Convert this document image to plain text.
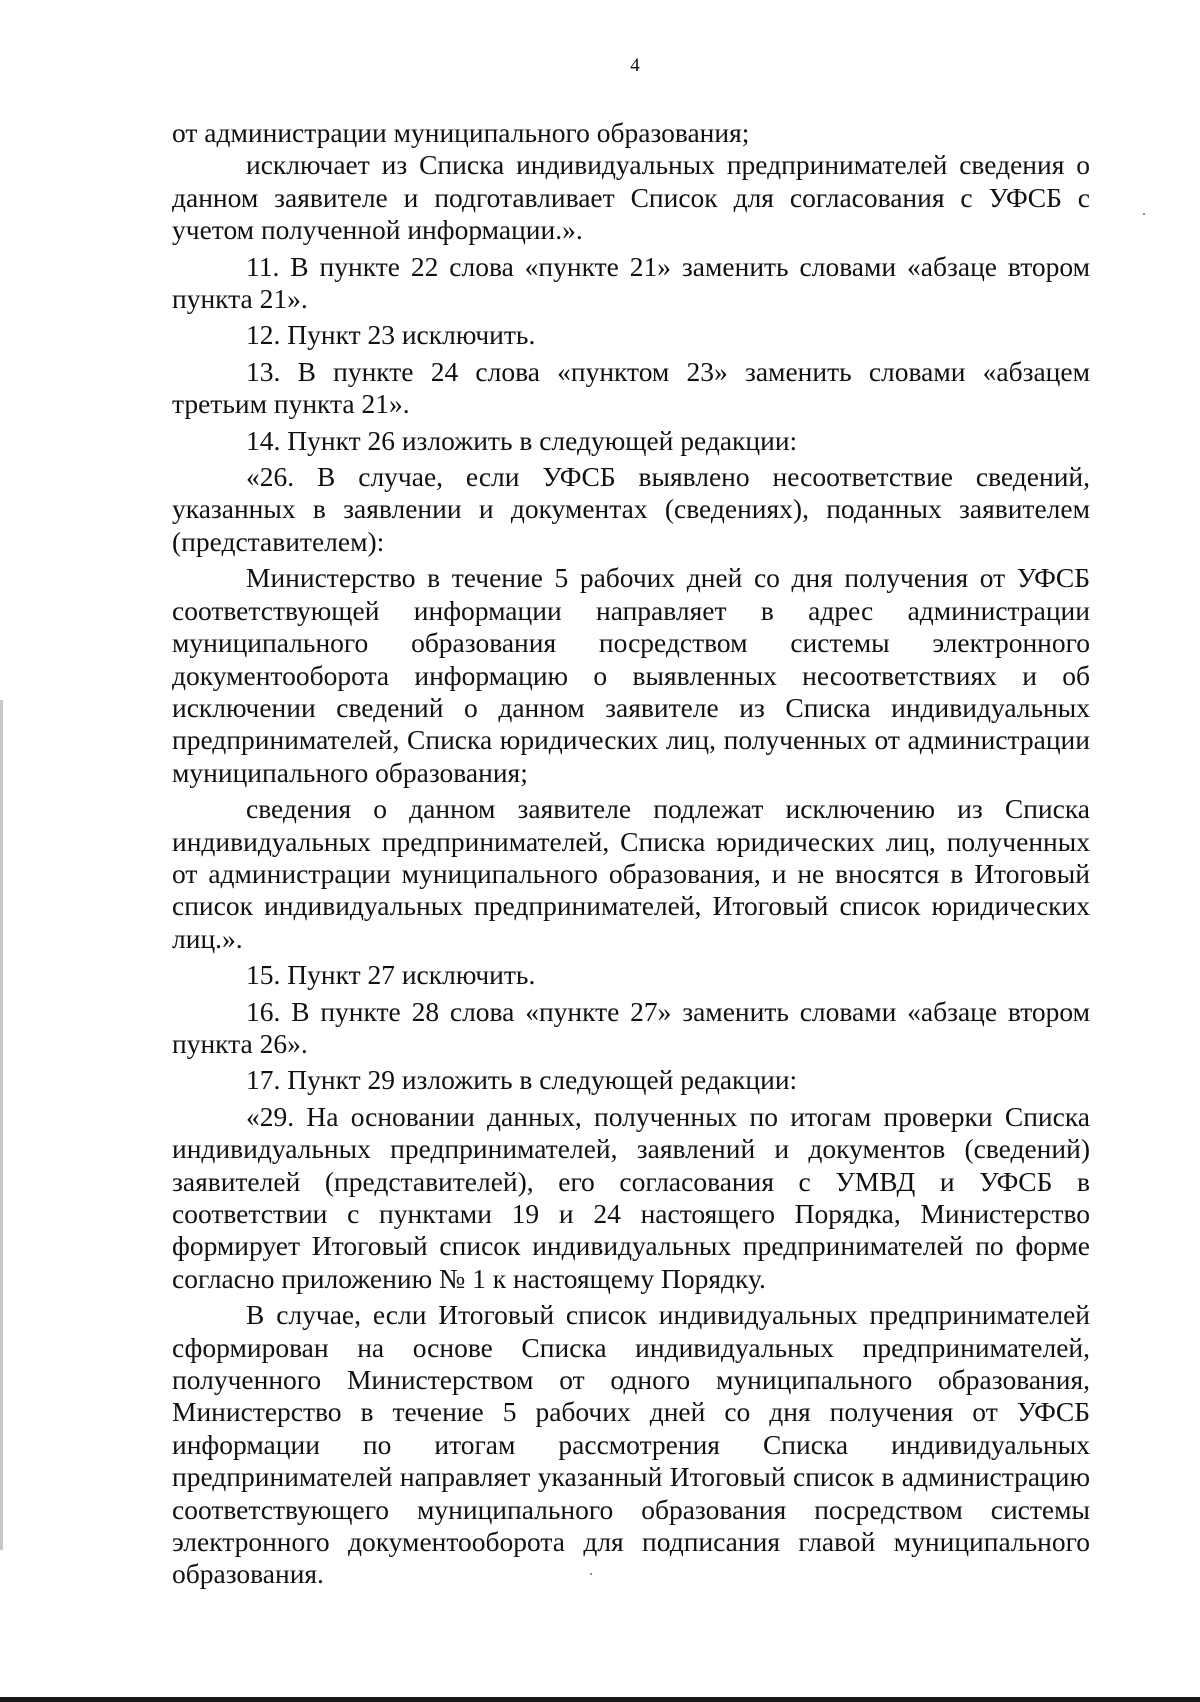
4

от администрации муниципального образования;

исключает из Списка индивидуальных предпринимателей сведения о данном заявителе и подготавливает Список для согласования с УФСБ с учетом полученной информации.».

11. В пункте 22 слова «пункте 21» заменить словами «абзаце втором пункта 21».

12. Пункт 23 исключить.

13. В пункте 24 слова «пунктом 23» заменить словами «абзацем третьим пункта 21».

14. Пункт 26 изложить в следующей редакции:

«26. В случае, если УФСБ выявлено несоответствие сведений, указанных в заявлении и документах (сведениях), поданных заявителем (представителем):

Министерство в течение 5 рабочих дней со дня получения от УФСБ соответствующей информации направляет в адрес администрации муниципального образования посредством системы электронного документооборота информацию о выявленных несоответствиях и об исключении сведений о данном заявителе из Списка индивидуальных предпринимателей, Списка юридических лиц, полученных от администрации муниципального образования;

сведения о данном заявителе подлежат исключению из Списка индивидуальных предпринимателей, Списка юридических лиц, полученных от администрации муниципального образования, и не вносятся в Итоговый список индивидуальных предпринимателей, Итоговый список юридических лиц.».

15. Пункт 27 исключить.

16. В пункте 28 слова «пункте 27» заменить словами «абзаце втором пункта 26».

17. Пункт 29 изложить в следующей редакции:

«29. На основании данных, полученных по итогам проверки Списка индивидуальных предпринимателей, заявлений и документов (сведений) заявителей (представителей), его согласования с УМВД и УФСБ в соответствии с пунктами 19 и 24 настоящего Порядка, Министерство формирует Итоговый список индивидуальных предпринимателей по форме согласно приложению № 1 к настоящему Порядку.

В случае, если Итоговый список индивидуальных предпринимателей сформирован на основе Списка индивидуальных предпринимателей, полученного Министерством от одного муниципального образования, Министерство в течение 5 рабочих дней со дня получения от УФСБ информации по итогам рассмотрения Списка индивидуальных предпринимателей направляет указанный Итоговый список в администрацию соответствующего муниципального образования посредством системы электронного документооборота для подписания главой муниципального образования.
